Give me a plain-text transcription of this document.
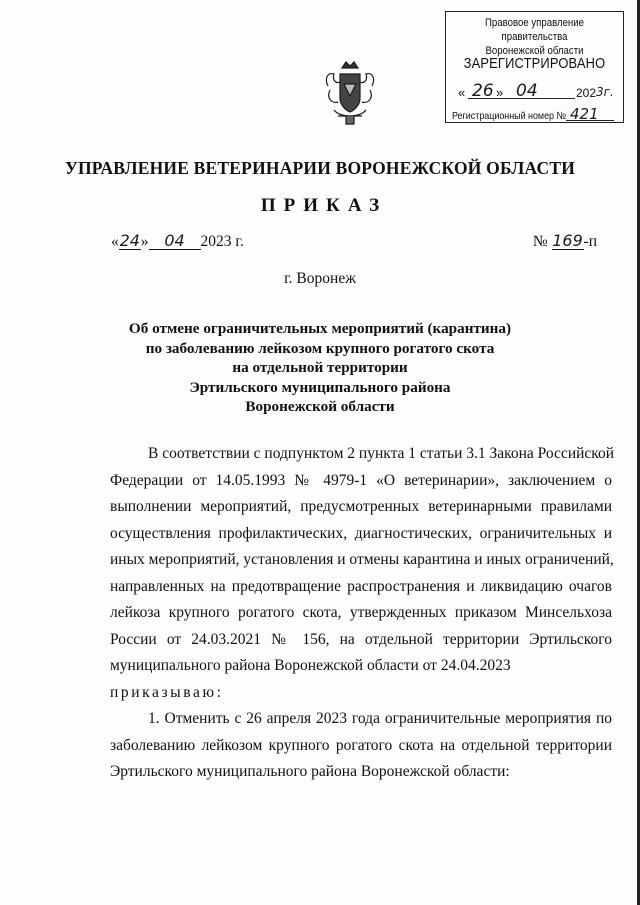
Правовое управление правительства
Воронежской области
ЗАРЕГИСТРИРОВАНО
« 26 » 04	202 3г.
Регистрационный номер № 421
УПРАВЛЕНИЕ ВЕТЕРИНАРИИ ВОРОНЕЖСКОЙ ОБЛАСТИ
ПРИКАЗ
«24» 04 2023 г.	№ 169-п
г. Воронеж
Об отмене ограничительных мероприятий (карантина)
по заболеванию лейкозом крупного рогатого скота
на отдельной территории
Эртильского муниципального района
Воронежской области
В соответствии с подпунктом 2 пункта 1 статьи 3.1 Закона Российской
Федерации от 14.05.1993 № 4979-1 «О ветеринарии», заключением о
выполнении мероприятий, предусмотренных ветеринарными правилами
осуществления профилактических, диагностических, ограничительных и
иных мероприятий, установления и отмены карантина и иных ограничений,
направленных на предотвращение распространения и ликвидацию очагов
лейкоза крупного рогатого скота, утвержденных приказом Минсельхоза
России от 24.03.2021 № 156, на отдельной территории Эртильского
муниципального района Воронежской области от 24.04.2023
приказываю:
1. Отменить с 26 апреля 2023 года ограничительные мероприятия по
заболеванию лейкозом крупного рогатого скота на отдельной территории
Эртильского муниципального района Воронежской области:
